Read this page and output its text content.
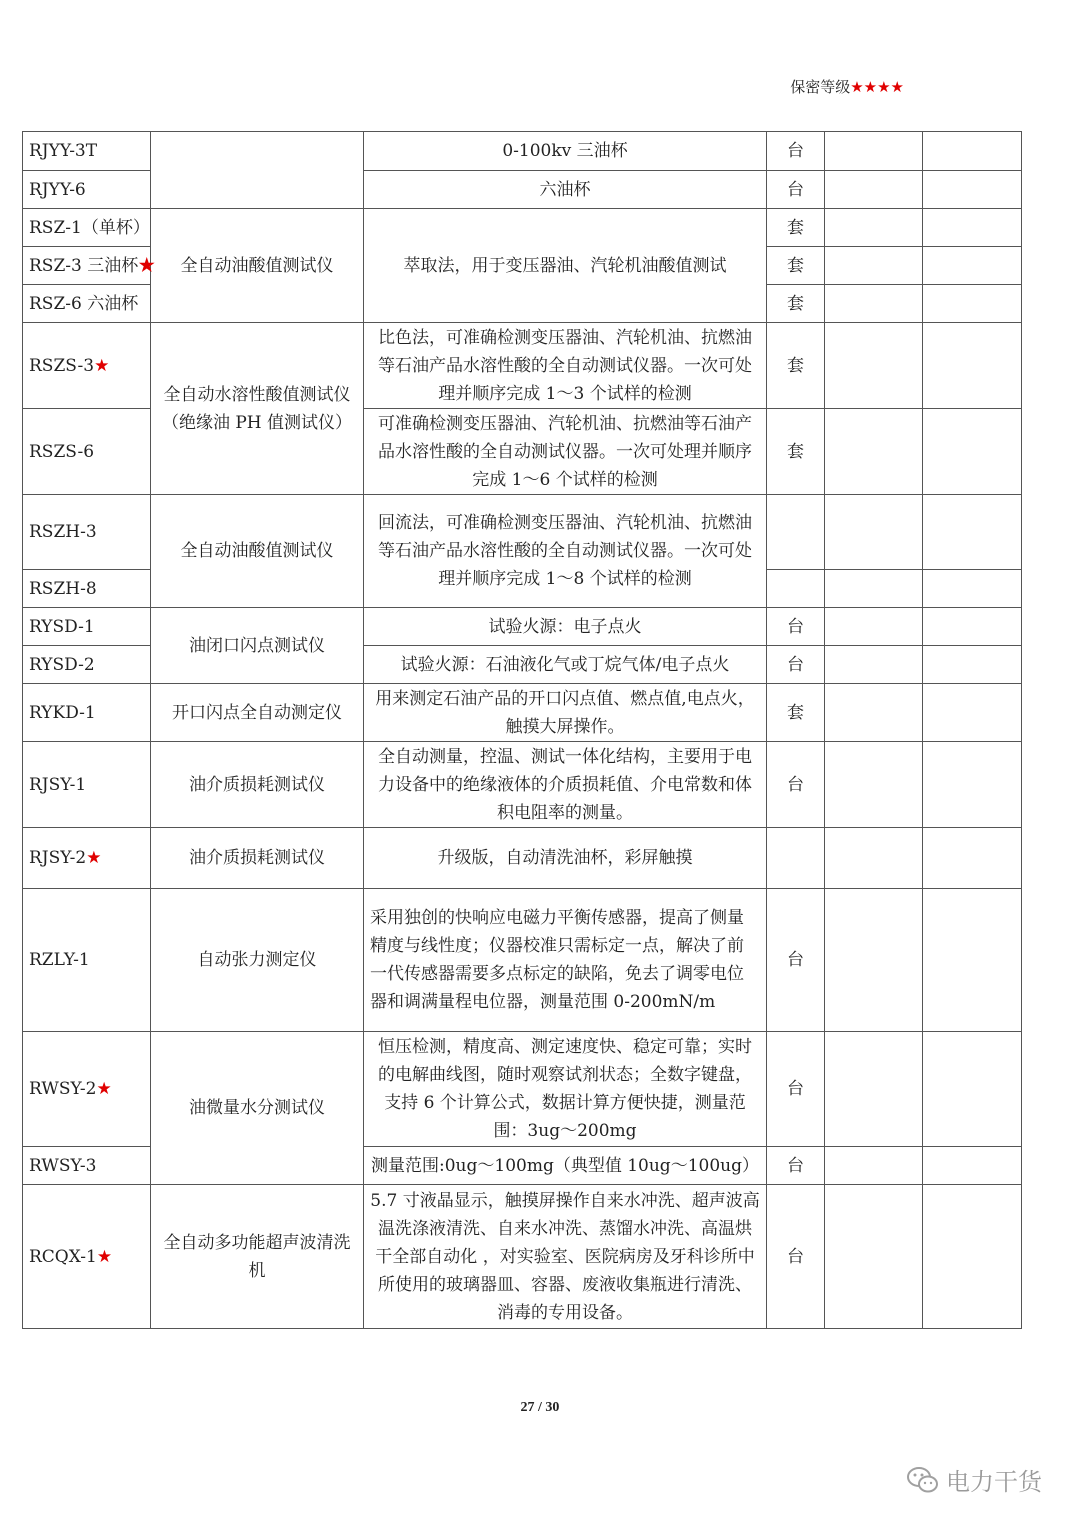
保密等级★★★★
RJYY-3T		0-100kv 三油杯	台		
RJYY-6		六油杯	台		
RSZ-1（单杯）	全自动油酸值测试仪	萃取法，用于变压器油、汽轮机油酸值测试	套		
RSZ-3 三油杯★			套		
RSZ-6 六油杯			套		
RSZS-3★	全自动水溶性酸值测试仪（绝缘油 PH 值测试仪）	比色法，可准确检测变压器油、汽轮机油、抗燃油等石油产品水溶性酸的全自动测试仪器。一次可处理并顺序完成 1～3 个试样的检测	套		
RSZS-6		可准确检测变压器油、汽轮机油、抗燃油等石油产品水溶性酸的全自动测试仪器。一次可处理并顺序完成 1～6 个试样的检测	套		
RSZH-3	全自动油酸值测试仪	回流法，可准确检测变压器油、汽轮机油、抗燃油等石油产品水溶性酸的全自动测试仪器。一次可处理并顺序完成 1～8 个试样的检测			
RSZH-8					
RYSD-1	油闭口闪点测试仪	试验火源：电子点火	台		
RYSD-2		试验火源：石油液化气或丁烷气体/电子点火	台		
RYKD-1	开口闪点全自动测定仪	用来测定石油产品的开口闪点值、燃点值,电点火，触摸大屏操作。	套		
RJSY-1	油介质损耗测试仪	全自动测量，控温、测试一体化结构，主要用于电力设备中的绝缘液体的介质损耗值、介电常数和体积电阻率的测量。	台		
RJSY-2★	油介质损耗测试仪	升级版，自动清洗油杯，彩屏触摸			
RZLY-1	自动张力测定仪	采用独创的快响应电磁力平衡传感器，提高了侧量精度与线性度；仪器校准只需标定一点，解决了前一代传感器需要多点标定的缺陷，免去了调零电位器和调满量程电位器，测量范围 0-200mN/m	台		
RWSY-2★	油微量水分测试仪	恒压检测，精度高、测定速度快、稳定可靠；实时的电解曲线图，随时观察试剂状态；全数字键盘，支持 6 个计算公式，数据计算方便快捷，测量范围：3ug～200mg	台		
RWSY-3		测量范围:0ug～100mg（典型值 10ug～100ug）	台		
RCQX-1★	全自动多功能超声波清洗机	5.7 寸液晶显示，触摸屏操作自来水冲洗、超声波高温洗涤液清洗、自来水冲洗、蒸馏水冲洗、高温烘干全部自动化 ，对实验室、医院病房及牙科诊所中所使用的玻璃器皿、容器、废液收集瓶进行清洗、消毒的专用设备。	台		
27 / 30
电力干货
